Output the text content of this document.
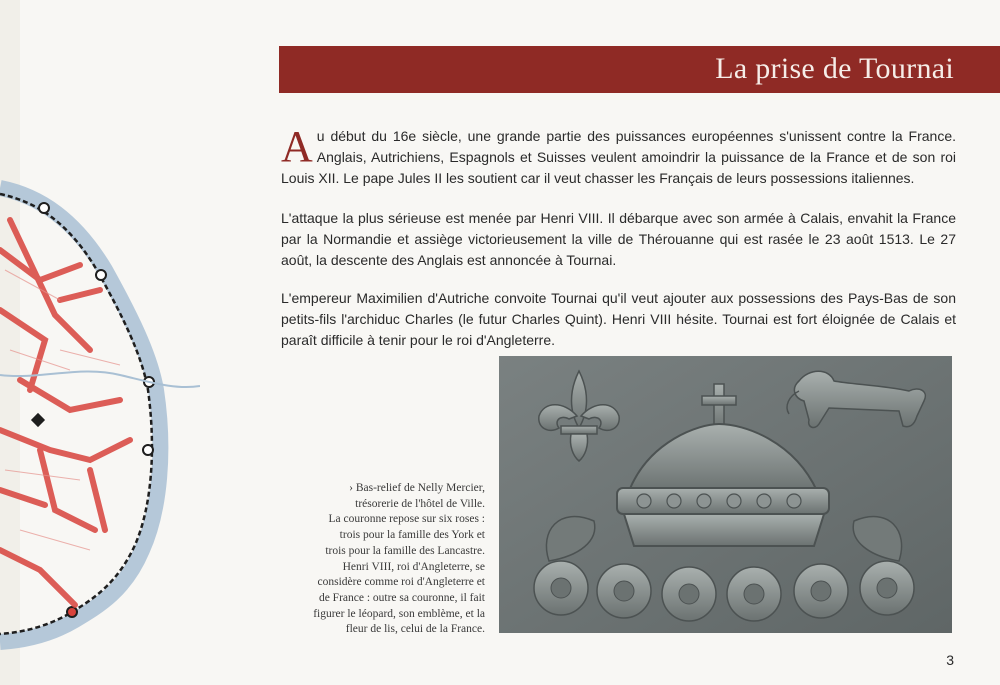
La prise de Tournai

Au début du 16e siècle, une grande partie des puissances européennes s'unissent contre la France. Anglais, Autrichiens, Espagnols et Suisses veulent amoindrir la puissance de la France et de son roi Louis XII. Le pape Jules II les soutient car il veut chasser les Français de leurs possessions italiennes.

L'attaque la plus sérieuse est menée par Henri VIII. Il débarque avec son armée à Calais, envahit la France par la Normandie et assiège victorieusement la ville de Thérouanne qui est rasée le 23 août 1513. Le 27 août, la descente des Anglais est annoncée à Tournai.

L'empereur Maximilien d'Autriche convoite Tournai qu'il veut ajouter aux possessions des Pays-Bas de son petits-fils l'archiduc Charles (le futur Charles Quint). Henri VIII hésite. Tournai est fort éloignée de Calais et paraît difficile à tenir pour le roi d'Angleterre.

› Bas-relief de Nelly Mercier,
trésorerie de l'hôtel de Ville.
La couronne repose sur six roses :
trois pour la famille des York et
trois pour la famille des Lancastre.
Henri VIII, roi d'Angleterre, se
considère comme roi d'Angleterre et
de France : outre sa couronne, il fait
figurer le léopard, son emblème, et la
fleur de lis, celui de la France.
3
